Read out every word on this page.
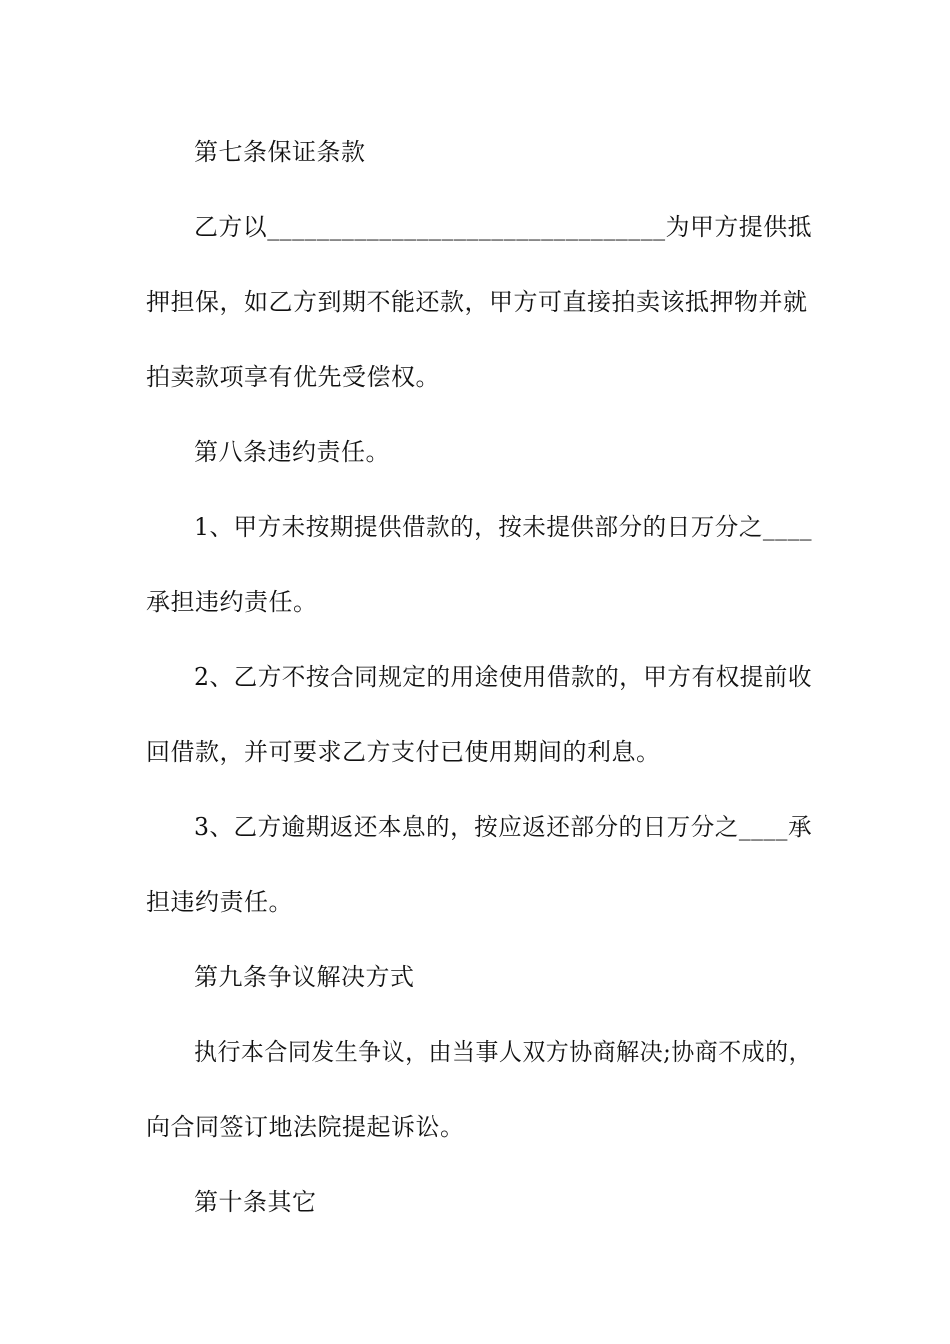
第七条保证条款
乙方以________________________________为甲方提供抵
押担保，如乙方到期不能还款，甲方可直接拍卖该抵押物并就
拍卖款项享有优先受偿权。
第八条违约责任。
1、甲方未按期提供借款的，按未提供部分的日万分之____
承担违约责任。
2、乙方不按合同规定的用途使用借款的，甲方有权提前收
回借款，并可要求乙方支付已使用期间的利息。
3、乙方逾期返还本息的，按应返还部分的日万分之____承
担违约责任。
第九条争议解决方式
执行本合同发生争议，由当事人双方协商解决;协商不成的，
向合同签订地法院提起诉讼。
第十条其它
